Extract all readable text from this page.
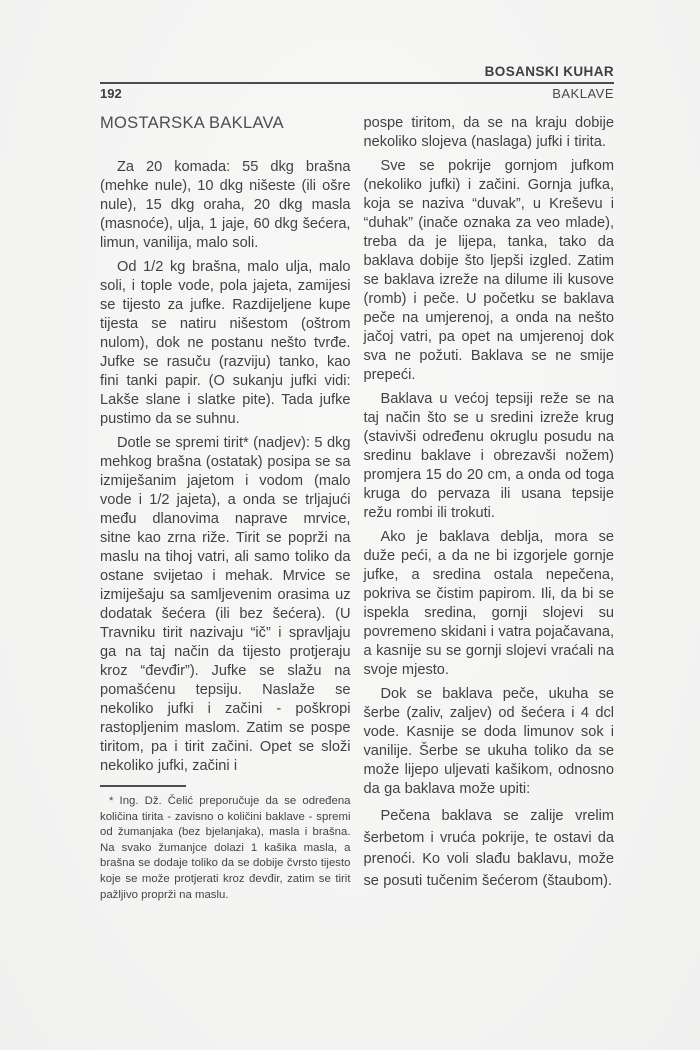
BOSANSKI KUHAR
192	BAKLAVE
MOSTARSKA BAKLAVA

Za 20 komada: 55 dkg brašna (mehke nule), 10 dkg nišeste (ili ošre nule), 15 dkg oraha, 20 dkg masla (masnoće), ulja, 1 jaje, 60 dkg šećera, limun, vanilija, malo soli.

Od 1/2 kg brašna, malo ulja, malo soli, i tople vode, pola jajeta, zamijesi se tijesto za jufke. Razdijeljene kupe tijesta se natiru nišestom (oštrom nulom), dok ne postanu nešto tvrđe. Jufke se rasuču (razviju) tanko, kao fini tanki papir. (O sukanju jufki vidi: Lakše slane i slatke pite). Tada jufke pustimo da se suhnu.

Dotle se spremi tirit* (nadjev): 5 dkg mehkog brašna (ostatak) posipa se sa izmiješanim jajetom i vodom (malo vode i 1/2 jajeta), a onda se trljajući među dlanovima naprave mrvice, sitne kao zrna riže. Tirit se poprži na maslu na tihoj vatri, ali samo toliko da ostane svijetao i mehak. Mrvice se izmiješaju sa samljevenim orasima uz dodatak šećera (ili bez šećera). (U Travniku tirit nazivaju “ič” i spravljaju ga na taj način da tijesto protjeraju kroz “đevđir”). Jufke se slažu na pomašćenu tepsiju. Naslaže se nekoliko jufki i začini - poškropi rastopljenim maslom. Zatim se pospe tiritom, pa i tirit začini. Opet se složi nekoliko jufki, začini i

* Ing. Dž. Čelić preporučuje da se određena količina tirita - zavisno o količini baklave - spremi od žumanjaka (bez bjelanjaka), masla i brašna. Na svako žumanjce dolazi 1 kašika masla, a brašna se dodaje toliko da se dobije čvrsto tijesto koje se može protjerati kroz đevđir, zatim se tirit pažljivo proprži na maslu.

pospe tiritom, da se na kraju dobije nekoliko slojeva (naslaga) jufki i tirita.

Sve se pokrije gornjom jufkom (nekoliko jufki) i začini. Gornja jufka, koja se naziva “duvak”, u Kreševu i “duhak” (inače oznaka za veo mlade), treba da je lijepa, tanka, tako da baklava dobije što ljepši izgled. Zatim se baklava izreže na dilume ili kusove (romb) i peče. U početku se baklava peče na umjerenoj, a onda na nešto jačoj vatri, pa opet na umjerenoj dok sva ne požuti. Baklava se ne smije prepeći.

Baklava u većoj tepsiji reže se na taj način što se u sredini izreže krug (stavivši određenu okruglu posudu na sredinu baklave i obrezavši nožem) promjera 15 do 20 cm, a onda od toga kruga do pervaza ili usana tepsije režu rombi ili trokuti.

Ako je baklava deblja, mora se duže peći, a da ne bi izgorjele gornje jufke, a sredina ostala nepečena, pokriva se čistim papirom. Ili, da bi se ispekla sredina, gornji slojevi su povremeno skidani i vatra pojačavana, a kasnije su se gornji slojevi vraćali na svoje mjesto.

Dok se baklava peče, ukuha se šerbe (zaliv, zaljev) od šećera i 4 dcl vode. Kasnije se doda limunov sok i vanilije. Šerbe se ukuha toliko da se može lijepo uljevati kašikom, odnosno da ga baklava može upiti:

Pečena baklava se zalije vrelim šerbetom i vruća pokrije, te ostavi da prenoći. Ko voli slađu baklavu, može se posuti tučenim šećerom (štaubom).
